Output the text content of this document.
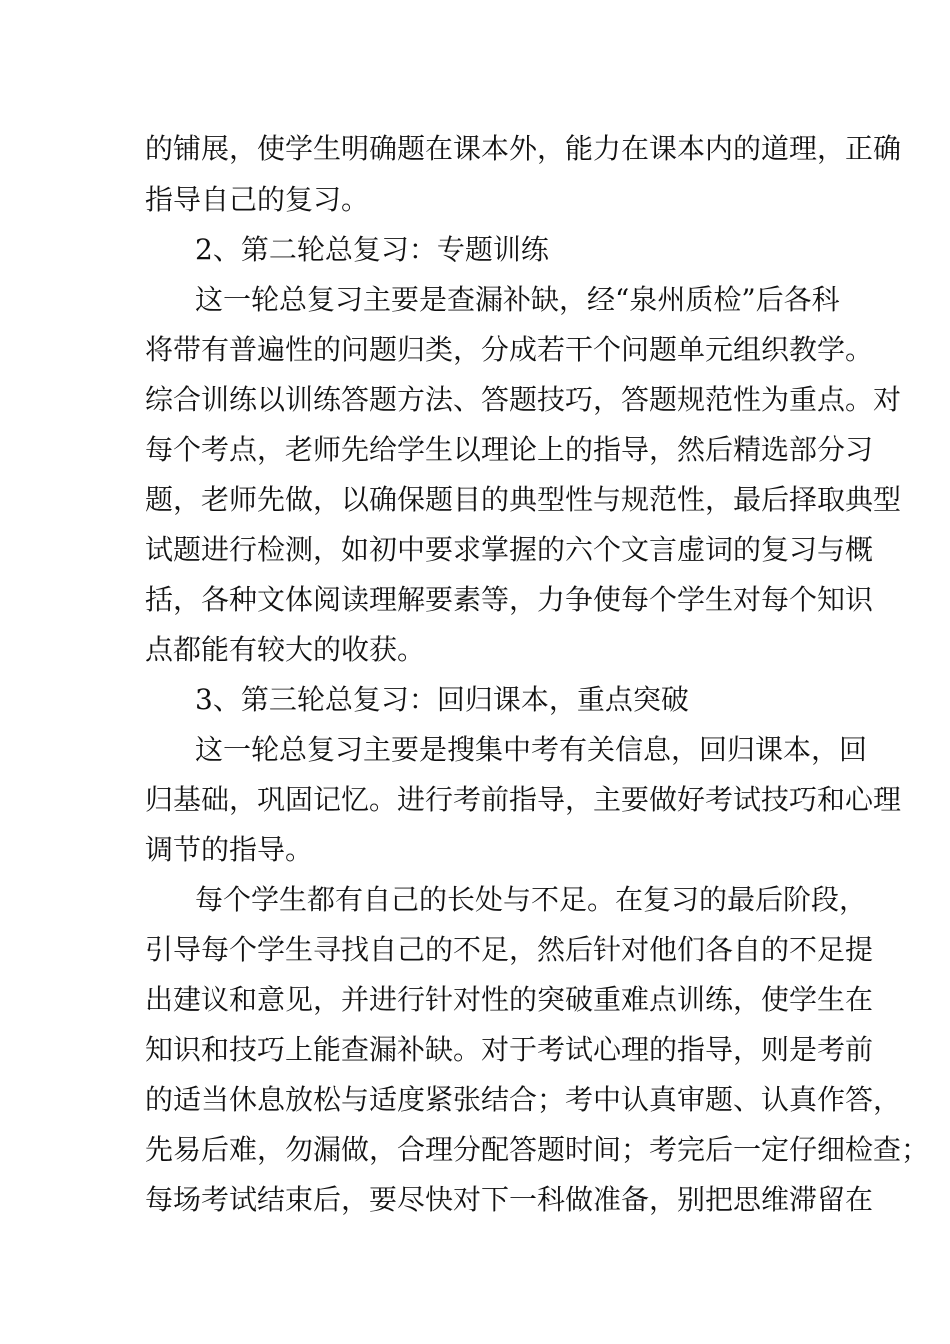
的铺展，使学生明确题在课本外，能力在课本内的道理，正确
指导自己的复习。
2、第二轮总复习：专题训练
这一轮总复习主要是查漏补缺，经“泉州质检”后各科
将带有普遍性的问题归类，分成若干个问题单元组织教学。
综合训练以训练答题方法、答题技巧，答题规范性为重点。对
每个考点，老师先给学生以理论上的指导，然后精选部分习
题，老师先做，以确保题目的典型性与规范性，最后择取典型
试题进行检测，如初中要求掌握的六个文言虚词的复习与概
括，各种文体阅读理解要素等，力争使每个学生对每个知识
点都能有较大的收获。
3、第三轮总复习：回归课本，重点突破
这一轮总复习主要是搜集中考有关信息，回归课本，回
归基础，巩固记忆。进行考前指导，主要做好考试技巧和心理
调节的指导。
每个学生都有自己的长处与不足。在复习的最后阶段，
引导每个学生寻找自己的不足，然后针对他们各自的不足提
出建议和意见，并进行针对性的突破重难点训练，使学生在
知识和技巧上能查漏补缺。对于考试心理的指导，则是考前
的适当休息放松与适度紧张结合；考中认真审题、认真作答，
先易后难，勿漏做，合理分配答题时间；考完后一定仔细检查；
每场考试结束后，要尽快对下一科做准备，别把思维滞留在
